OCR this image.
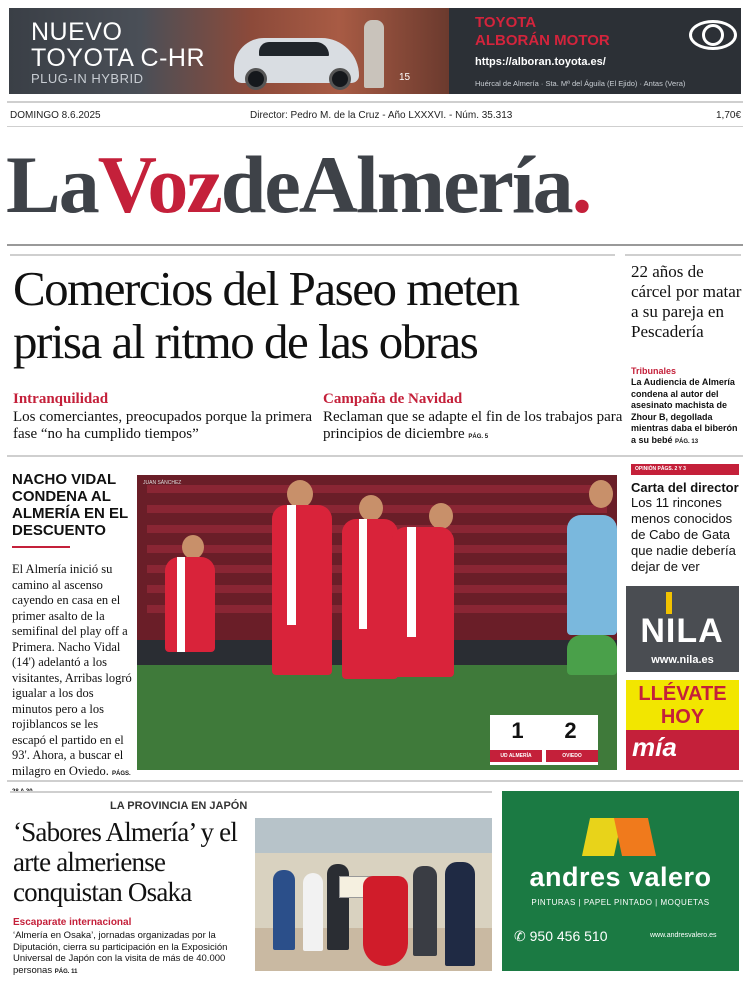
NUEVO
TOYOTA C-HR
PLUG-IN HYBRID	15
TOYOTA
ALBORÁN MOTOR
https://alboran.toyota.es/
Huércal de Almería · Sta. Mª del Águila (El Ejido) · Antas (Vera)
DOMINGO 8.6.2025	Director: Pedro M. de la Cruz - Año LXXXVI. - Núm. 35.313	1,70€
LaVozdeAlmería.
Comercios del Paseo meten prisa al ritmo de las obras
Intranquilidad
Los comerciantes, preocupados porque la primera fase “no ha cumplido tiempos”
Campaña de Navidad
Reclaman que se adapte el fin de los trabajos para principios de diciembre PÁG. 5
22 años de cárcel por matar a su pareja en Pescadería
Tribunales
La Audiencia de Almería condena al autor del asesinato machista de Zhour B, degollada mientras daba el biberón a su bebé PÁG. 13
NACHO VIDAL CONDENA AL ALMERÍA EN EL DESCUENTO
El Almería inició su camino al ascenso cayendo en casa en el primer asalto de la semifinal del play off a Primera. Nacho Vidal (14') adelantó a los visitantes, Arribas logró igualar a los dos minutos pero a los rojiblancos se les escapó el partido en el 93'. Ahora, a buscar el milagro en Oviedo. PÁGS.
JUAN SÁNCHEZ
1	2
UD ALMERÍA	OVIEDO
OPINIÓN PÁGS. 2 Y 3
Carta del director
Los 11 rincones menos conocidos de Cabo de Gata que nadie debería dejar de ver
NILA
www.nila.es
LLÉVATE
HOY
mía
LA PROVINCIA EN JAPÓN
‘Sabores Almería’ y el arte almeriense conquistan Osaka
Escaparate internacional
‘Almería en Osaka’, jornadas organizadas por la Diputación, cierra su participación en la Exposición Universal de Japón con la visita de más de 40.000 personas PÁG. 11
andres valero
PINTURAS | PAPEL PINTADO | MOQUETAS
✆ 950 456 510	www.andresvalero.es
